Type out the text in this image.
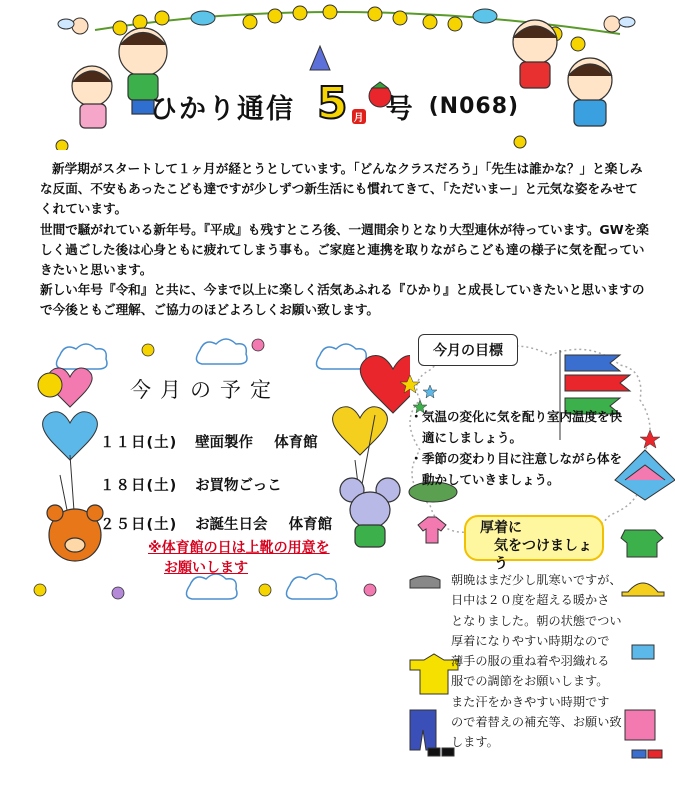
ひかり通信 5 月 号 (N068)

新学期がスタートして１ヶ月が経とうとしています。「どんなクラスだろう」「先生は誰かな？」と楽しみな反面、不安もあったこども達ですが少しずつ新生活にも慣れてきて、「ただいまー」と元気な姿をみせてくれています。

世間で騒がれている新年号。『平成』も残すところ後、一週間余りとなり大型連休が待っています。GWを楽しく過ごした後は心身ともに疲れてしまう事も。ご家庭と連携を取りながらこども達の様子に気を配っていきたいと思います。

新しい年号『令和』と共に、今まで以上に楽しく活気あふれる『ひかり』と成長していきたいと思いますので今後ともご理解、ご協力のほどよろしくお願い致します。

今月の予定
１１日(土) 壁面製作 体育館
１８日(土) お買物ごっこ
２５日(土) お誕生日会 体育館
※体育館の日は上靴の用意を
お願いします
今月の目標
・ 気温の変化に気を配り室内温度を快適にしましょう。
・ 季節の変わり目に注意しながら体を動かしていきましょう。
厚着に
気をつけましょう
朝晩はまだ少し肌寒いですが、
日中は２０度を超える暖かさ
となりました。朝の状態でつい
厚着になりやすい時期なので
薄手の服の重ね着や羽織れる
服での調節をお願いします。
また汗をかきやすい時期です
ので着替えの補充等、お願い致
します。
